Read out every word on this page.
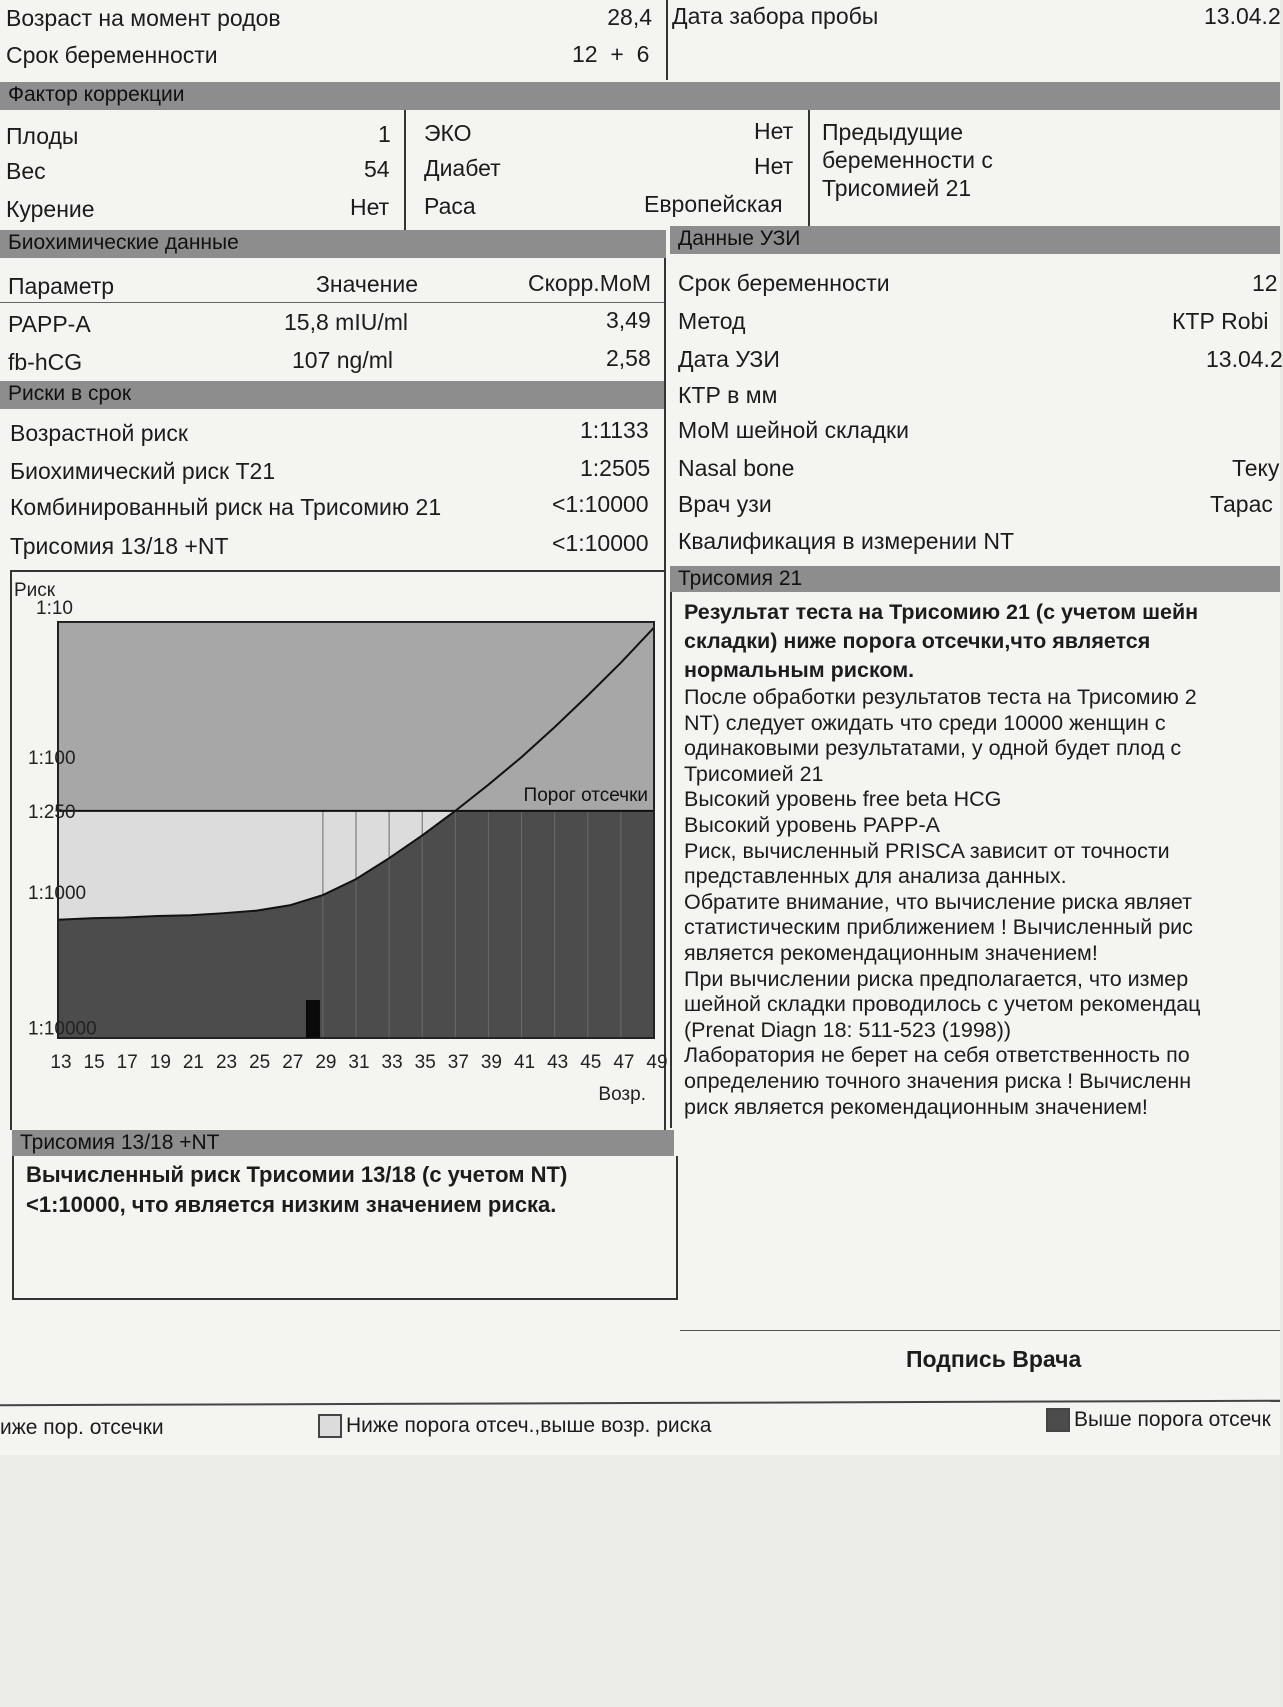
Возраст на момент родов	28,4
Срок беременности	12  +  6
Дата забора пробы	13.04.2
Фактор коррекции
Плоды	1
Вес	54
Курение	Нет
ЭКО	Нет
Диабет	Нет
Раса	Европейская
Предыдущие
беременности с
Трисомией 21
Биохимические данные	Данные УЗИ
Параметр	Значение	Скорр.МоМ
PAPP-A	15,8 mIU/ml	3,49
fb-hCG	107 ng/ml	2,58
Риски в срок
Возрастной риск	1:1133
Биохимический риск T21	1:2505
Комбинированный риск на Трисомию 21	<1:10000
Трисомия 13/18 +NT	<1:10000
Срок беременности	12
Метод	КТР Robi
Дата УЗИ	13.04.2
КТР в мм
МоМ шейной складки
Nasal bone	Теку
Врач узи	Тарас
Квалификация в измерении NT
Порог отсечки
Риск
1:10
1:100
1:250
1:1000
1:10000
13 15 17 19 21 23 25 27 29 31 33 35 37 39 41 43 45 47 49
Возр.
Трисомия 21
Результат теста на Трисомию 21 (с учетом шейн
складки) ниже порога отсечки,что является
нормальным риском.
После обработки результатов теста на Трисомию 2
NT) следует ожидать что среди 10000 женщин с
одинаковыми результатами, у одной будет плод с
Трисомией 21
Высокий уровень free beta HCG
Высокий уровень PAPP-A
Риск, вычисленный PRISCA зависит от точности
представленных для анализа данных.
Обратите внимание, что вычисление риска являет
статистическим приближением ! Вычисленный рис
является рекомендационным значением!
При вычислении риска предполагается, что измер
шейной складки проводилось с учетом рекомендац
(Prenat Diagn 18: 511-523 (1998))
Лаборатория не берет на себя ответственность по
определению точного значения риска ! Вычисленн
риск является рекомендационным значением!
Трисомия 13/18 +NT
Вычисленный риск Трисомии 13/18 (с учетом NT)
<1:10000, что является низким значением риска.
Подпись Врача
иже пор. отсечки	Ниже порога отсеч.,выше возр. риска	Выше порога отсечк
